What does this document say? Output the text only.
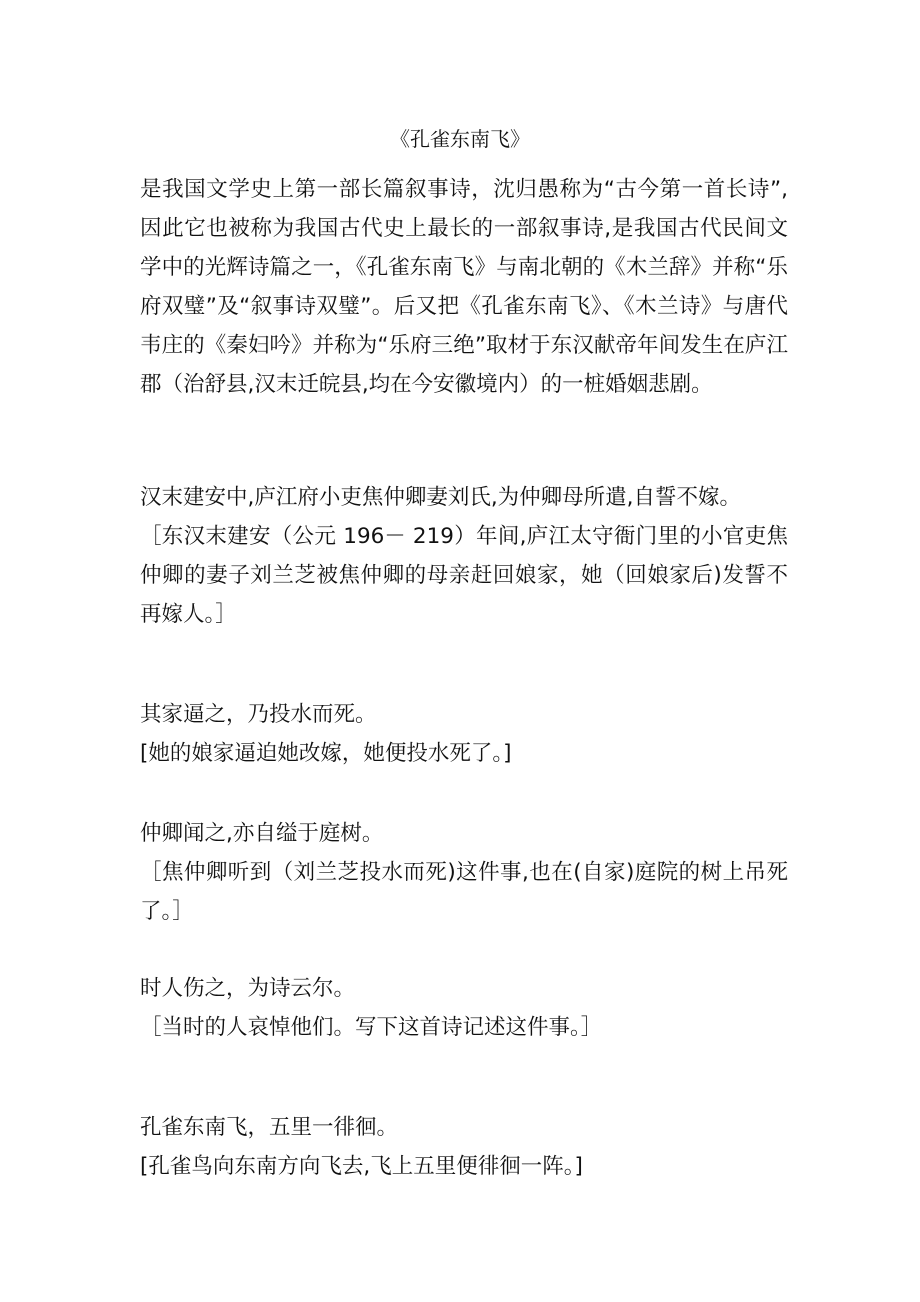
《孔雀东南飞》

是我国文学史上第一部长篇叙事诗，沈归愚称为“古今第一首长诗”,因此它也被称为我国古代史上最长的一部叙事诗,是我国古代民间文学中的光辉诗篇之一，《孔雀东南飞》与南北朝的《木兰辞》并称“乐府双璧”及“叙事诗双璧”。后又把《孔雀东南飞》、《木兰诗》与唐代韦庄的《秦妇吟》并称为“乐府三绝”取材于东汉献帝年间发生在庐江郡（治舒县,汉末迁皖县,均在今安徽境内）的一桩婚姻悲剧。

汉末建安中,庐江府小吏焦仲卿妻刘氏,为仲卿母所遣,自誓不嫁。

［东汉末建安（公元 196－ 219）年间,庐江太守衙门里的小官吏焦仲卿的妻子刘兰芝被焦仲卿的母亲赶回娘家，她（回娘家后)发誓不再嫁人。］

其家逼之，乃投水而死。

[她的娘家逼迫她改嫁，她便投水死了。]

仲卿闻之,亦自缢于庭树。

［焦仲卿听到（刘兰芝投水而死)这件事,也在(自家)庭院的树上吊死了。］

时人伤之，为诗云尔。

［当时的人哀悼他们。写下这首诗记述这件事。］

孔雀东南飞，五里一徘徊。

[孔雀鸟向东南方向飞去,飞上五里便徘徊一阵。]
